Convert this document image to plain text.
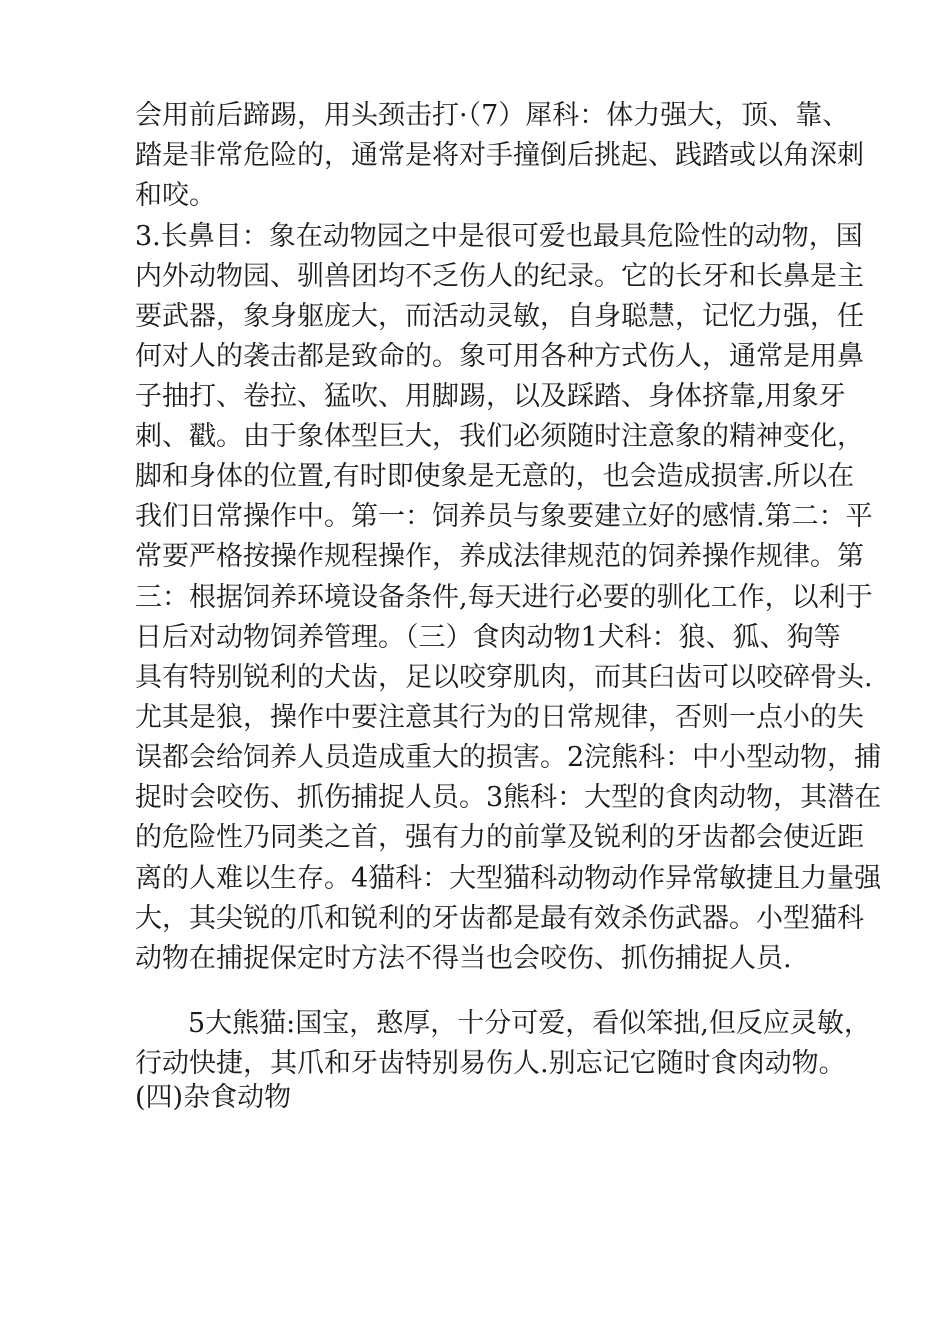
会用前后蹄踢，用头颈击打·（7）犀科：体力强大，顶、靠、
踏是非常危险的，通常是将对手撞倒后挑起、践踏或以角深刺
和咬。
3.长鼻目：象在动物园之中是很可爱也最具危险性的动物，国
内外动物园、驯兽团均不乏伤人的纪录。它的长牙和长鼻是主
要武器，象身躯庞大，而活动灵敏，自身聪慧，记忆力强，任
何对人的袭击都是致命的。象可用各种方式伤人，通常是用鼻
子抽打、卷拉、猛吹、用脚踢，以及踩踏、身体挤靠,用象牙
刺、戳。由于象体型巨大，我们必须随时注意象的精神变化，
脚和身体的位置,有时即使象是无意的，也会造成损害.所以在
我们日常操作中。第一：饲养员与象要建立好的感情.第二：平
常要严格按操作规程操作，养成法律规范的饲养操作规律。第
三：根据饲养环境设备条件,每天进行必要的驯化工作，以利于
日后对动物饲养管理。（三）食肉动物1犬科：狼、狐、狗等
具有特别锐利的犬齿，足以咬穿肌肉，而其臼齿可以咬碎骨头.
尤其是狼，操作中要注意其行为的日常规律，否则一点小的失
误都会给饲养人员造成重大的损害。2浣熊科：中小型动物，捕
捉时会咬伤、抓伤捕捉人员。3熊科：大型的食肉动物，其潜在
的危险性乃同类之首，强有力的前掌及锐利的牙齿都会使近距
离的人难以生存。4猫科：大型猫科动物动作异常敏捷且力量强
大，其尖锐的爪和锐利的牙齿都是最有效杀伤武器。小型猫科
动物在捕捉保定时方法不得当也会咬伤、抓伤捕捉人员.
5大熊猫:国宝，憨厚，十分可爱，看似笨拙,但反应灵敏，
行动快捷，其爪和牙齿特别易伤人.别忘记它随时食肉动物。
(四)杂食动物
